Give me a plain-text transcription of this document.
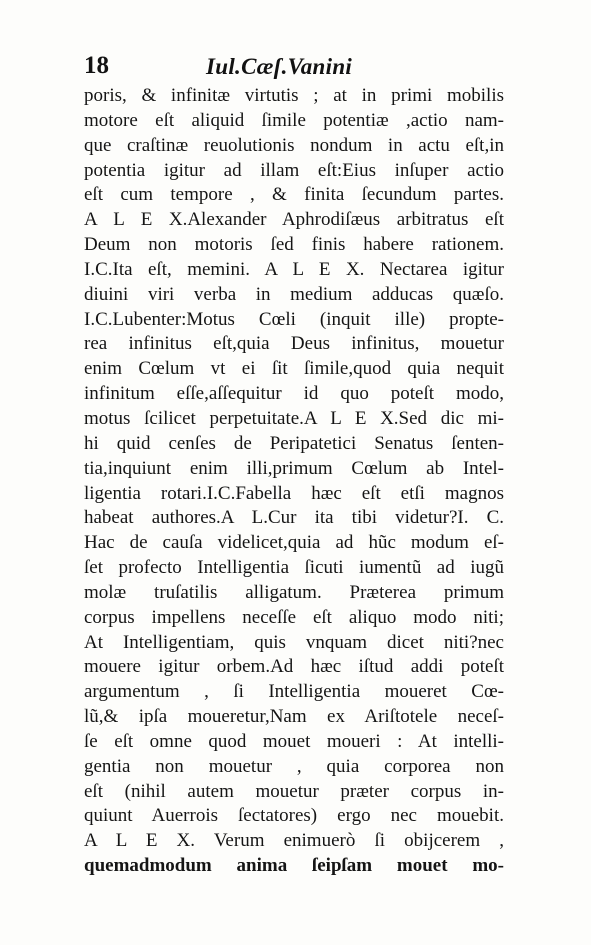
18	Iul.Cæſ.Vanini
poris, & infinitæ virtutis ; at in primi mobilis
motore eſt aliquid ſimile potentiæ ,actio nam-
que craſtinæ reuolutionis nondum in actu eſt,in
potentia igitur ad illam eſt:Eius inſuper actio
eſt cum tempore , & finita ſecundum partes.
A L E X.Alexander Aphrodiſæus arbitratus eſt
Deum non motoris ſed finis habere rationem.
I.C.Ita eſt, memini. A L E X. Nectarea igitur
diuini viri verba in medium adducas quæſo.
I.C.Lubenter:Motus Cœli (inquit ille) propte-
rea infinitus eſt,quia Deus infinitus, mouetur
enim Cœlum vt ei ſit ſimile,quod quia nequit
infinitum eſſe,aſſequitur id quo poteſt modo,
motus ſcilicet perpetuitate.A L E X.Sed dic mi-
hi quid cenſes de Peripatetici Senatus ſenten-
tia,inquiunt enim illi,primum Cœlum ab Intel-
ligentia rotari.I.C.Fabella hæc eſt etſi magnos
habeat authores.A L.Cur ita tibi videtur?I. C.
Hac de cauſa videlicet,quia ad hũc modum eſ-
ſet profecto Intelligentia ſicuti iumentũ ad iugũ
molæ truſatilis alligatum. Præterea primum
corpus impellens neceſſe eſt aliquo modo niti;
At Intelligentiam, quis vnquam dicet niti?nec
mouere igitur orbem.Ad hæc iſtud addi poteſt
argumentum , ſi Intelligentia moueret Cœ-
lũ,& ipſa moueretur,Nam ex Ariſtotele neceſ-
ſe eſt omne quod mouet moueri : At intelli-
gentia non mouetur , quia corporea non
eſt (nihil autem mouetur præter corpus in-
quiunt Auerrois ſectatores) ergo nec mouebit.
A L E X. Verum enimuerò ſi obijcerem ,
quemadmodum anima ſeipſam mouet mo-
